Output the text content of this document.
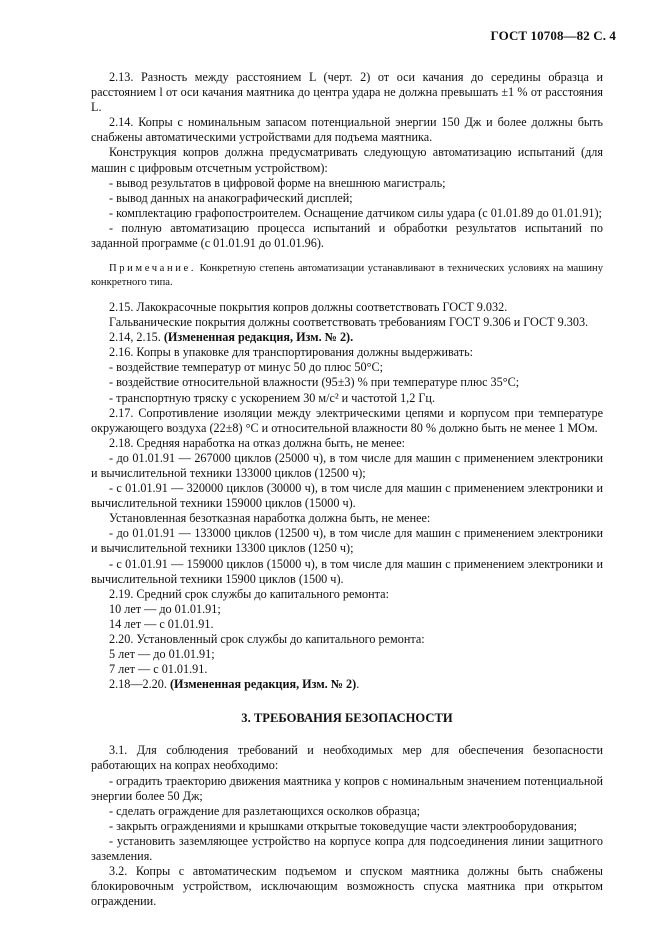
ГОСТ 10708—82 С. 4

2.13. Разность между расстоянием L (черт. 2) от оси качания до середины образца и расстоянием l от оси качания маятника до центра удара не должна превышать ±1 % от расстояния L.

2.14. Копры с номинальным запасом потенциальной энергии 150 Дж и более должны быть снабжены автоматическими устройствами для подъема маятника.

Конструкция копров должна предусматривать следующую автоматизацию испытаний (для машин с цифровым отсчетным устройством):

- вывод результатов в цифровой форме на внешнюю магистраль;

- вывод данных на анакографический дисплей;

- комплектацию графопостроителем. Оснащение датчиком силы удара (с 01.01.89 до 01.01.91);

- полную автоматизацию процесса испытаний и обработки результатов испытаний по заданной программе (с 01.01.91 до 01.01.96).

Примечание. Конкретную степень автоматизации устанавливают в технических условиях на машину конкретного типа.

2.15. Лакокрасочные покрытия копров должны соответствовать ГОСТ 9.032.

Гальванические покрытия должны соответствовать требованиям ГОСТ 9.306 и ГОСТ 9.303.

2.14, 2.15. (Измененная редакция, Изм. № 2).

2.16. Копры в упаковке для транспортирования должны выдерживать:

- воздействие температур от минус 50 до плюс 50°С;

- воздействие относительной влажности (95±3) % при температуре плюс 35°С;

- транспортную тряску с ускорением 30 м/с² и частотой 1,2 Гц.

2.17. Сопротивление изоляции между электрическими цепями и корпусом при температуре окружающего воздуха (22±8) °С и относительной влажности 80 % должно быть не менее 1 МОм.

2.18. Средняя наработка на отказ должна быть, не менее:

- до 01.01.91 — 267000 циклов (25000 ч), в том числе для машин с применением электроники и вычислительной техники 133000 циклов (12500 ч);

- с 01.01.91 — 320000 циклов (30000 ч), в том числе для машин с применением электроники и вычислительной техники 159000 циклов (15000 ч).

Установленная безотказная наработка должна быть, не менее:

- до 01.01.91 — 133000 циклов (12500 ч), в том числе для машин с применением электроники и вычислительной техники 13300 циклов (1250 ч);

- с 01.01.91 — 159000 циклов (15000 ч), в том числе для машин с применением электроники и вычислительной техники 15900 циклов (1500 ч).

2.19. Средний срок службы до капитального ремонта:

10 лет — до 01.01.91;

14 лет — с 01.01.91.

2.20. Установленный срок службы до капитального ремонта:

5 лет — до 01.01.91;

7 лет — с 01.01.91.

2.18—2.20. (Измененная редакция, Изм. № 2).

3. ТРЕБОВАНИЯ БЕЗОПАСНОСТИ

3.1. Для соблюдения требований и необходимых мер для обеспечения безопасности работающих на копрах необходимо:

- оградить траекторию движения маятника у копров с номинальным значением потенциальной энергии более 50 Дж;

- сделать ограждение для разлетающихся осколков образца;

- закрыть ограждениями и крышками открытые токоведущие части электрооборудования;

- установить заземляющее устройство на корпусе копра для подсоединения линии защитного заземления.

3.2. Копры с автоматическим подъемом и спуском маятника должны быть снабжены блокировочным устройством, исключающим возможность спуска маятника при открытом ограждении.
